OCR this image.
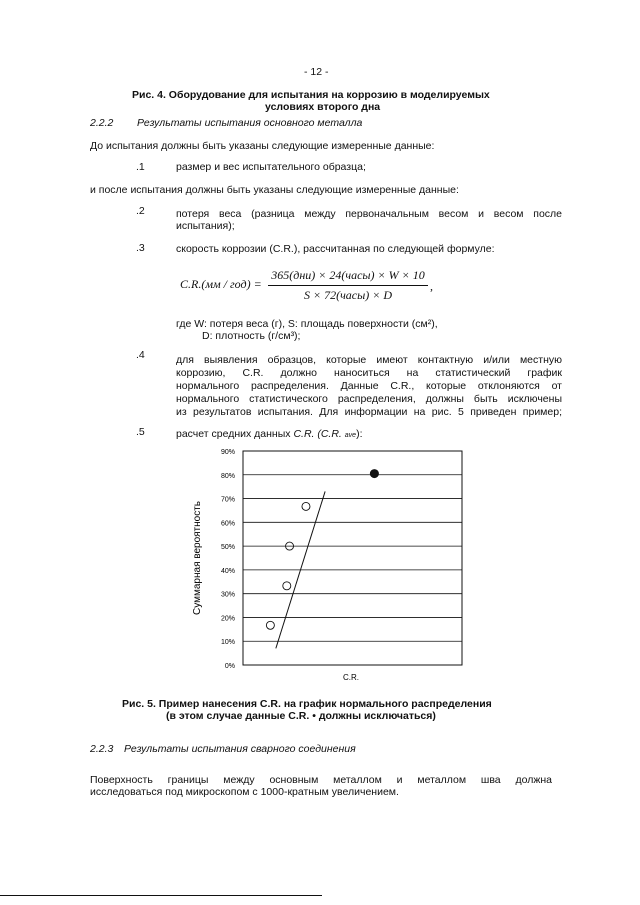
- 12 -
Рис. 4. Оборудование для испытания на коррозию в моделируемых
условиях второго дна
2.2.2 Результаты испытания основного металла
До испытания должны быть указаны следующие измеренные данные:
.1	размер и вес испытательного образца;
и после испытания должны быть указаны следующие измеренные данные:
.2	потеря веса (разница между первоначальным весом и весом после
испытания);
.3	скорость коррозии (C.R.), рассчитанная по следующей формуле:
C.R.(мм / год) =
365(дни) × 24(часы) × W × 10
S × 72(часы) × D
,
где W: потеря веса (г), S: площадь поверхности (см²),
D: плотность (г/см³);
.4	для выявления образцов, которые имеют контактную и/или местную
коррозию, C.R. должно наноситься на статистический график
нормального распределения. Данные C.R., которые отклоняются от
нормального статистического распределения, должны быть исключены
из результатов испытания. Для информации на рис. 5 приведен пример;
.5	расчет средних данных C.R. (C.R. ave):
0%
10%
20%
30%
40%
50%
60%
70%
80%
90%
Суммарная вероятность
C.R.
Рис. 5. Пример нанесения C.R. на график нормального распределения
(в этом случае данные C.R. • должны исключаться)
2.2.3 Результаты испытания сварного соединения
Поверхность границы между основным металлом и металлом шва должна
исследоваться под микроскопом с 1000-кратным увеличением.
